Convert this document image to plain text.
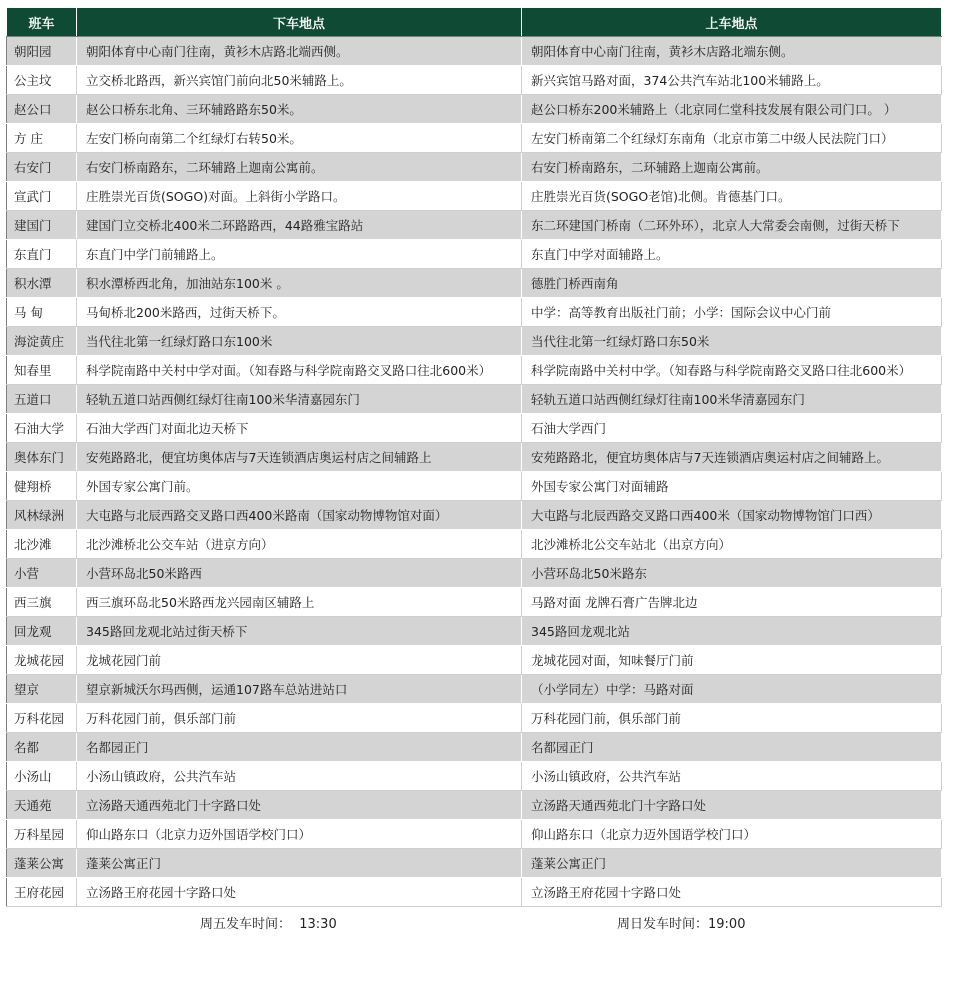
班车	下车地点	上车地点
朝阳园	朝阳体育中心南门往南，黄衫木店路北端西侧。	朝阳体育中心南门往南，黄衫木店路北端东侧。
公主坟	立交桥北路西，新兴宾馆门前向北50米辅路上。	新兴宾馆马路对面，374公共汽车站北100米辅路上。
赵公口	赵公口桥东北角、三环辅路路东50米。	赵公口桥东200米辅路上（北京同仁堂科技发展有限公司门口。 ）
方 庄	左安门桥向南第二个红绿灯右转50米。	左安门桥南第二个红绿灯东南角（北京市第二中级人民法院门口）
右安门	右安门桥南路东，二环辅路上迦南公寓前。	右安门桥南路东，二环辅路上迦南公寓前。
宣武门	庄胜崇光百货(SOGO)对面。上斜街小学路口。	庄胜崇光百货(SOGO老馆)北侧。肯德基门口。
建国门	建国门立交桥北400米二环路路西，44路雅宝路站	东二环建国门桥南（二环外环），北京人大常委会南侧，过街天桥下
东直门	东直门中学门前辅路上。	东直门中学对面辅路上。
积水潭	积水潭桥西北角，加油站东100米 。	德胜门桥西南角
马 甸	马甸桥北200米路西，过街天桥下。	中学：高等教育出版社门前；小学：国际会议中心门前
海淀黄庄	当代往北第一红绿灯路口东100米	当代往北第一红绿灯路口东50米
知春里	科学院南路中关村中学对面。（知春路与科学院南路交叉路口往北600米）	科学院南路中关村中学。（知春路与科学院南路交叉路口往北600米）
五道口	轻轨五道口站西侧红绿灯往南100米华清嘉园东门	轻轨五道口站西侧红绿灯往南100米华清嘉园东门
石油大学	石油大学西门对面北边天桥下	石油大学西门
奥体东门	安苑路路北，便宜坊奥体店与7天连锁酒店奥运村店之间辅路上	安苑路路北，便宜坊奥体店与7天连锁酒店奥运村店之间辅路上。
健翔桥	外国专家公寓门前。	外国专家公寓门对面辅路
风林绿洲	大屯路与北辰西路交叉路口西400米路南（国家动物博物馆对面）	大屯路与北辰西路交叉路口西400米（国家动物博物馆门口西）
北沙滩	北沙滩桥北公交车站（进京方向）	北沙滩桥北公交车站北（出京方向）
小营	小营环岛北50米路西	小营环岛北50米路东
西三旗	西三旗环岛北50米路西龙兴园南区辅路上	马路对面 龙牌石膏广告牌北边
回龙观	345路回龙观北站过街天桥下	345路回龙观北站
龙城花园	龙城花园门前	龙城花园对面，知味餐厅门前
望京	望京新城沃尔玛西侧，运通107路车总站进站口	（小学同左）中学：马路对面
万科花园	万科花园门前，俱乐部门前	万科花园门前，俱乐部门前
名都	名都园正门	名都园正门
小汤山	小汤山镇政府，公共汽车站	小汤山镇政府，公共汽车站
天通苑	立汤路天通西苑北门十字路口处	立汤路天通西苑北门十字路口处
万科星园	仰山路东口（北京力迈外国语学校门口）	仰山路东口（北京力迈外国语学校门口）
蓬莱公寓	蓬莱公寓正门	蓬莱公寓正门
王府花园	立汤路王府花园十字路口处	立汤路王府花园十字路口处
周五发车时间：  13:30	周日发车时间：19:00
